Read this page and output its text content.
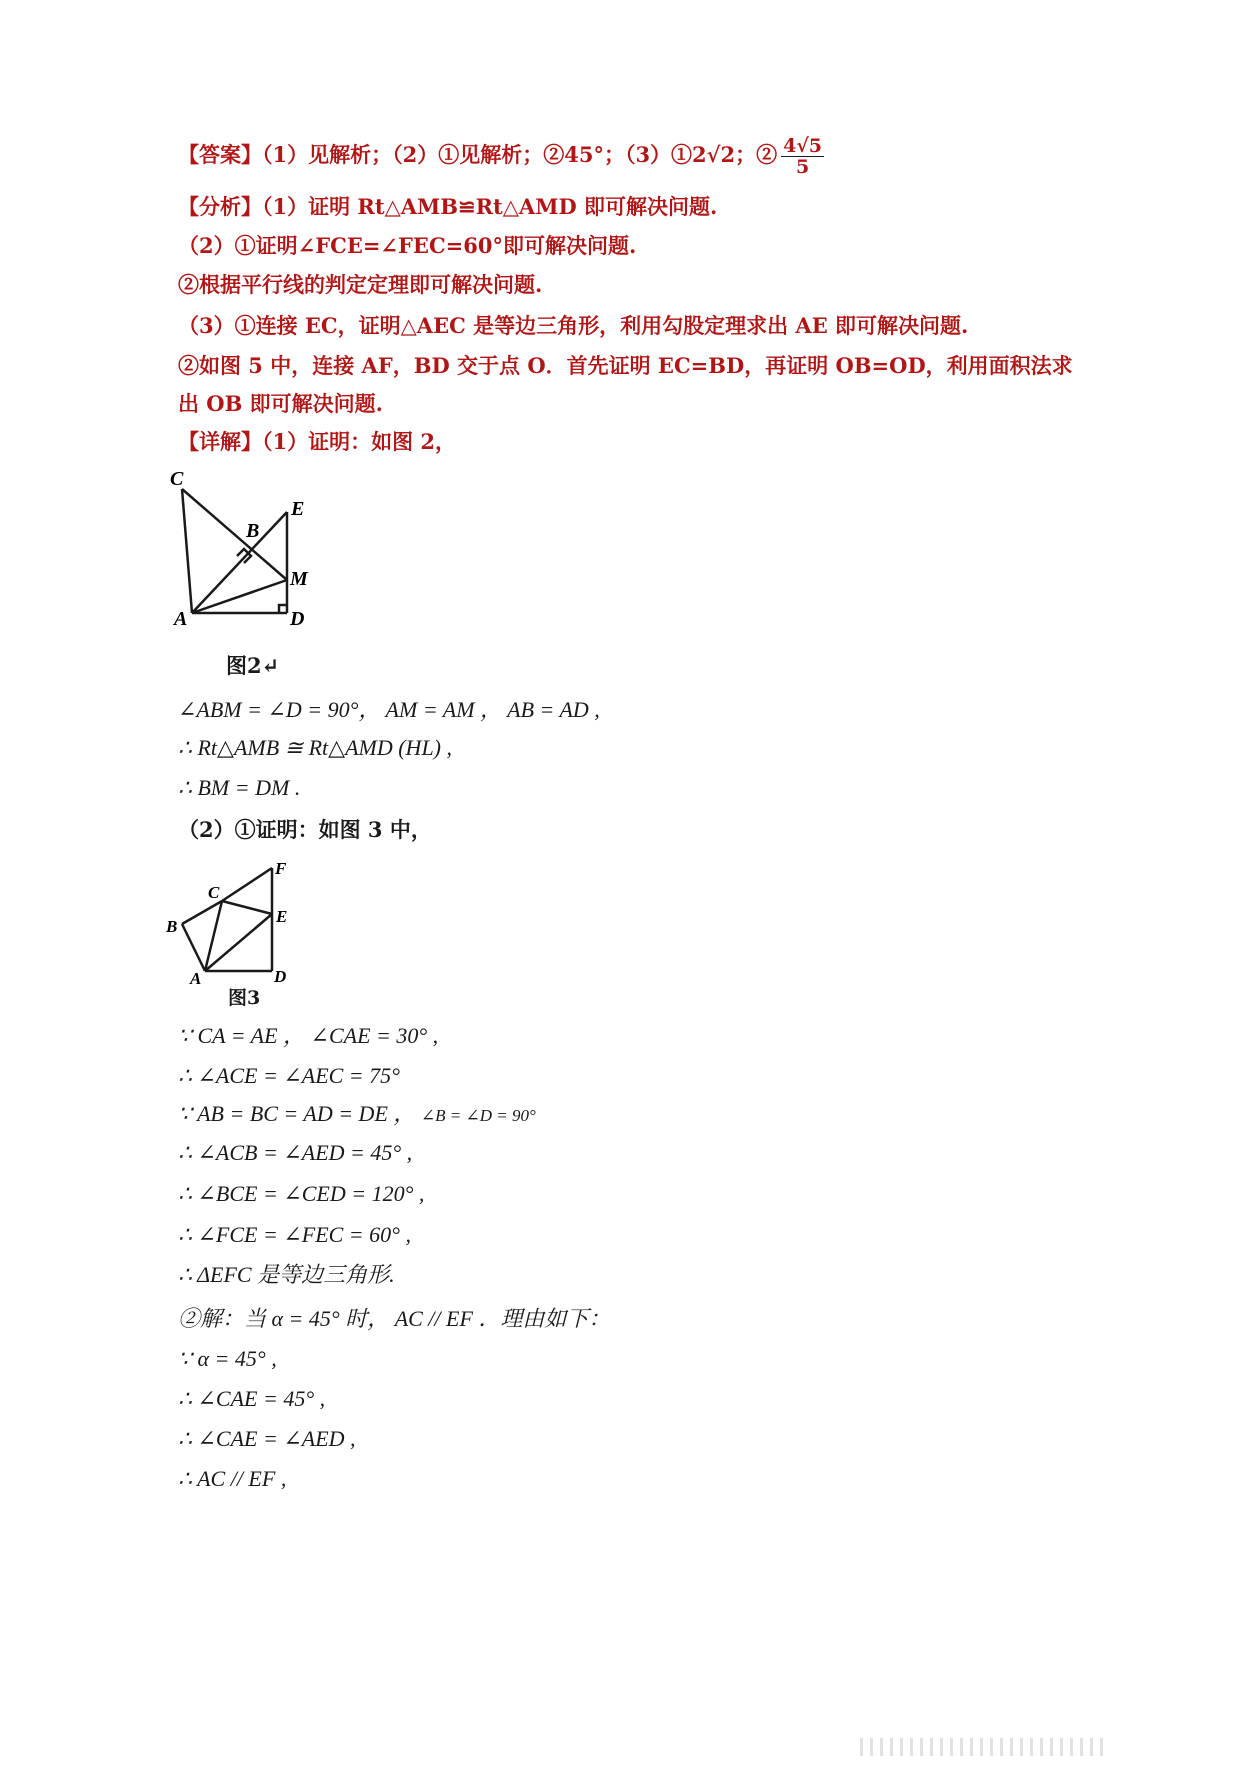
【答案】（1）见解析；（2）①见解析；②45°；（3）①2√2；② $\frac{4√5}{5}$
【分析】（1）证明 Rt△AMB≌Rt△AMD 即可解决问题.
（2）①证明∠FCE=∠FEC=60°即可解决问题.
②根据平行线的判定定理即可解决问题.
（3）①连接 EC，证明△AEC 是等边三角形，利用勾股定理求出 AE 即可解决问题.
②如图 5 中，连接 AF，BD 交于点 O．首先证明 EC=BD，再证明 OB=OD，利用面积法求
出 OB 即可解决问题.
【详解】（1）证明：如图 2，
C
E
B
M
A	D
图2↵
∠ABM = ∠D = 90°， AM = AM ， AB = AD ,
∴ Rt△AMB ≅ Rt△AMD (HL) ,
∴ BM = DM .
（2）①证明：如图 3 中，
F
C
E
B
A	D
图3
∵ CA = AE ， ∠CAE = 30° ,
∴ ∠ACE = ∠AEC = 75°
∵ AB = BC = AD = DE ， ∠B = ∠D = 90°
∴ ∠ACB = ∠AED = 45° ,
∴ ∠BCE = ∠CED = 120° ,
∴ ∠FCE = ∠FEC = 60° ,
∴ ΔEFC 是等边三角形.
②解：当 α = 45° 时， AC // EF ．理由如下：
∵ α = 45° ,
∴ ∠CAE = 45° ,
∴ ∠CAE = ∠AED ,
∴ AC // EF ,
